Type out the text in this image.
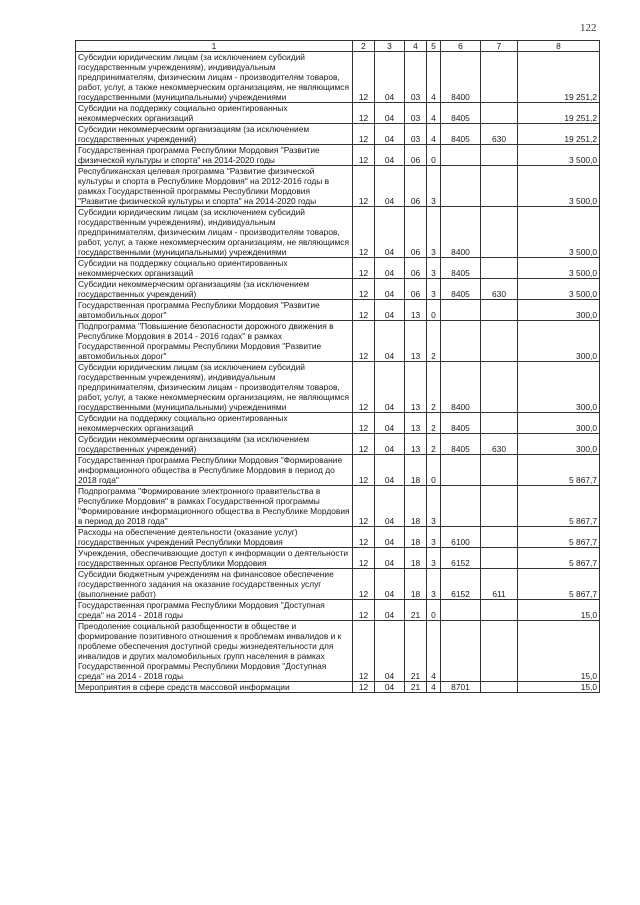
122
1	2	3	4	5	6	7	8
Субсидии юридическим лицам (за исключением субсидий государственным учреждениям), индивидуальным предпринимателям, физическим лицам - производителям товаров, работ, услуг, а также некоммерческим организациям, не являющимся государственными (муниципальными) учреждениями	12	04	03	4	8400		19 251,2
Субсидии на поддержку социально ориентированных некоммерческих организаций	12	04	03	4	8405		19 251,2
Субсидии некоммерческим организациям (за исключением государственных учреждений)	12	04	03	4	8405	630	19 251,2
Государственная программа Республики Мордовия "Развитие физической культуры и спорта" на 2014-2020 годы	12	04	06	0			3 500,0
Республиканская целевая программа "Развитие физической культуры и спорта в Республике Мордовия" на 2012-2016 годы в рамках Государственной программы Республики Мордовия "Развитие физической культуры и спорта" на 2014-2020 годы	12	04	06	3			3 500,0
Субсидии юридическим лицам (за исключением субсидий государственным учреждениям), индивидуальным предпринимателям, физическим лицам - производителям товаров, работ, услуг, а также некоммерческим организациям, не являющимся государственными (муниципальными) учреждениями	12	04	06	3	8400		3 500,0
Субсидии на поддержку социально ориентированных некоммерческих организаций	12	04	06	3	8405		3 500,0
Субсидии некоммерческим организациям (за исключением государственных учреждений)	12	04	06	3	8405	630	3 500,0
Государственная программа Республики Мордовия "Развитие автомобильных дорог"	12	04	13	0			300,0
Подпрограмма "Повышение безопасности дорожного движения в Республике Мордовия в 2014 - 2016 годах" в рамках Государственной программы Республики Мордовия "Развитие автомобильных дорог"	12	04	13	2			300,0
Субсидии юридическим лицам (за исключением субсидий государственным учреждениям), индивидуальным предпринимателям, физическим лицам - производителям товаров, работ, услуг, а также некоммерческим организациям, не являющимся государственными (муниципальными) учреждениями	12	04	13	2	8400		300,0
Субсидии на поддержку социально ориентированных некоммерческих организаций	12	04	13	2	8405		300,0
Субсидии некоммерческим организациям (за исключением государственных учреждений)	12	04	13	2	8405	630	300,0
Государственная программа Республики Мордовия "Формирование информационного общества в Республике Мордовия в период до 2018 года"	12	04	18	0			5 867,7
Подпрограмма "Формирование электронного правительства в Республике Мордовия" в рамках Государственной программы "Формирование информационного общества в Республике Мордовия в период до 2018 года"	12	04	18	3			5 867,7
Расходы на обеспечение деятельности (оказание услуг) государственных учреждений Республики Мордовия	12	04	18	3	6100		5 867,7
Учреждения, обеспечивающие доступ к информации о деятельности государственных органов Республики Мордовия	12	04	18	3	6152		5 867,7
Субсидии бюджетным учреждениям на финансовое обеспечение государственного задания на оказание государственных услуг (выполнение работ)	12	04	18	3	6152	611	5 867,7
Государственная программа Республики Мордовия "Доступная среда" на 2014 - 2018 годы	12	04	21	0			15,0
Преодоление социальной разобщенности в обществе и формирование позитивного отношения к проблемам инвалидов и к проблеме обеспечения доступной среды жизнедеятельности для инвалидов и других маломобильных групп населения в рамках Государственной программы Республики Мордовия "Доступная среда" на 2014 - 2018 годы	12	04	21	4			15,0
Мероприятия в сфере средств массовой информации	12	04	21	4	8701		15,0
